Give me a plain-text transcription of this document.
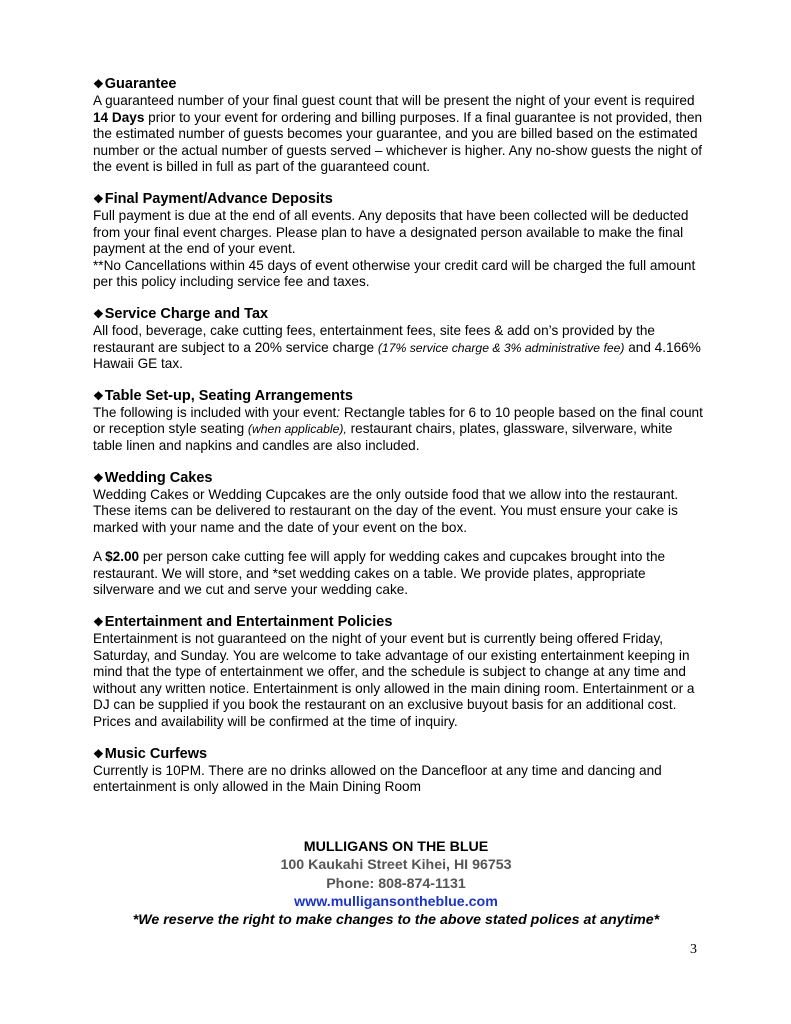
❖ Guarantee

A guaranteed number of your final guest count that will be present the night of your event is required 14 Days prior to your event for ordering and billing purposes. If a final guarantee is not provided, then the estimated number of guests becomes your guarantee, and you are billed based on the estimated number or the actual number of guests served – whichever is higher. Any no-show guests the night of the event is billed in full as part of the guaranteed count.

❖ Final Payment/Advance Deposits

Full payment is due at the end of all events. Any deposits that have been collected will be deducted from your final event charges. Please plan to have a designated person available to make the final payment at the end of your event.

**No Cancellations within 45 days of event otherwise your credit card will be charged the full amount per this policy including service fee and taxes.

❖ Service Charge and Tax

All food, beverage, cake cutting fees, entertainment fees, site fees & add on’s provided by the restaurant are subject to a 20% service charge (17% service charge & 3% administrative fee) and 4.166% Hawaii GE tax.

❖ Table Set-up, Seating Arrangements

The following is included with your event: Rectangle tables for 6 to 10 people based on the final count or reception style seating (when applicable), restaurant chairs, plates, glassware, silverware, white table linen and napkins and candles are also included.

❖ Wedding Cakes

Wedding Cakes or Wedding Cupcakes are the only outside food that we allow into the restaurant. These items can be delivered to restaurant on the day of the event. You must ensure your cake is marked with your name and the date of your event on the box.

A $2.00 per person cake cutting fee will apply for wedding cakes and cupcakes brought into the restaurant. We will store, and *set wedding cakes on a table. We provide plates, appropriate silverware and we cut and serve your wedding cake.

❖ Entertainment and Entertainment Policies

Entertainment is not guaranteed on the night of your event but is currently being offered Friday, Saturday, and Sunday. You are welcome to take advantage of our existing entertainment keeping in mind that the type of entertainment we offer, and the schedule is subject to change at any time and without any written notice. Entertainment is only allowed in the main dining room. Entertainment or a DJ can be supplied if you book the restaurant on an exclusive buyout basis for an additional cost. Prices and availability will be confirmed at the time of inquiry.

❖ Music Curfews

Currently is 10PM. There are no drinks allowed on the Dancefloor at any time and dancing and entertainment is only allowed in the Main Dining Room

MULLIGANS ON THE BLUE
100 Kaukahi Street Kihei, HI 96753
Phone: 808-874-1131
www.mulligansontheblue.com
*We reserve the right to make changes to the above stated polices at anytime*
3
